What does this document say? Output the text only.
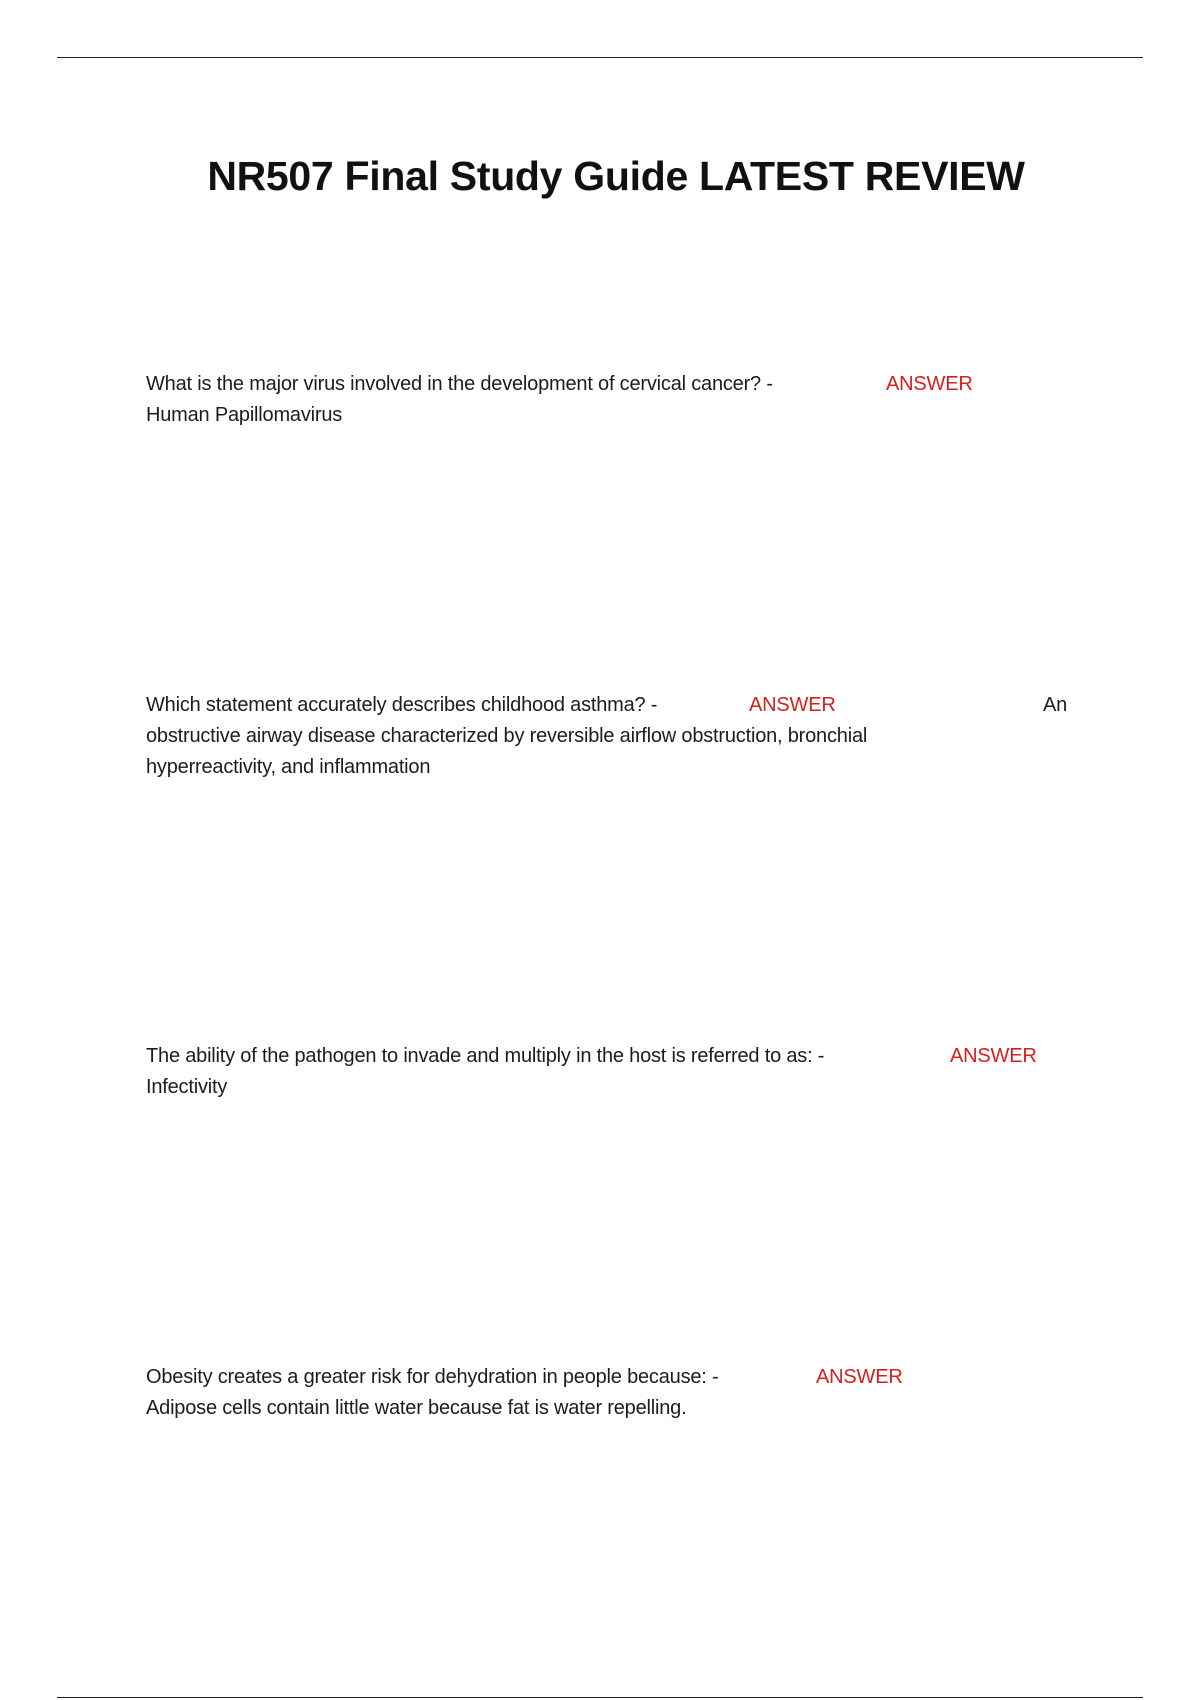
NR507 Final Study Guide LATEST REVIEW
What is the major virus involved in the development of cervical cancer? -	ANSWER
Human Papillomavirus
Which statement accurately describes childhood asthma? -	ANSWER	An
obstructive airway disease characterized by reversible airflow obstruction, bronchial
hyperreactivity, and inflammation
The ability of the pathogen to invade and multiply in the host is referred to as: -	ANSWER
Infectivity
Obesity creates a greater risk for dehydration in people because: -	ANSWER
Adipose cells contain little water because fat is water repelling.
